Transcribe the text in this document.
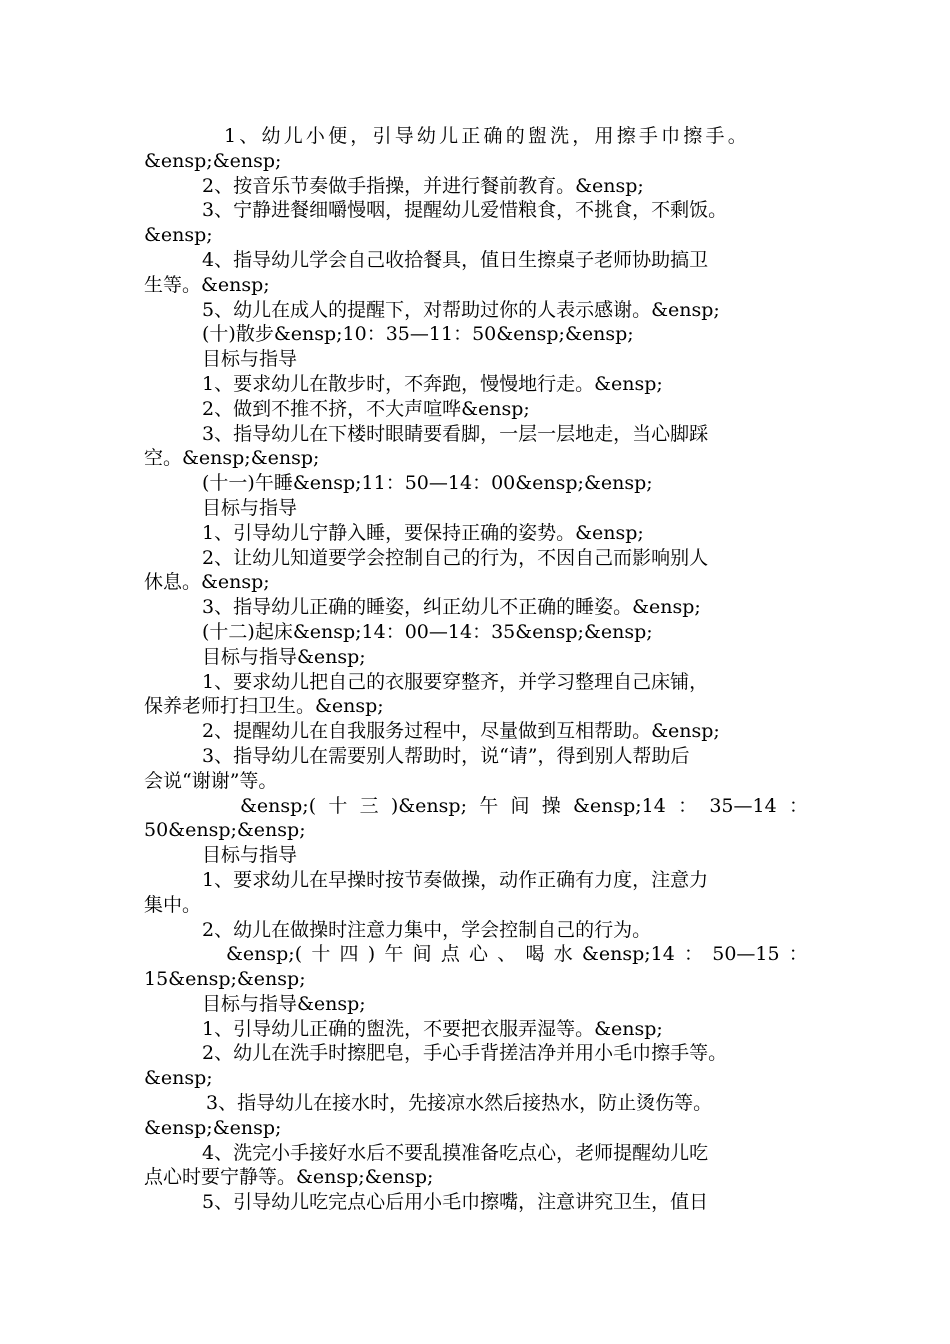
1、幼儿小便，引导幼儿正确的盥洗，用擦手巾擦手。
&ensp;&ensp;
2、按音乐节奏做手指操，并进行餐前教育。&ensp;
3、宁静进餐细嚼慢咽，提醒幼儿爱惜粮食，不挑食，不剩饭。
&ensp;
4、指导幼儿学会自己收拾餐具，值日生擦桌子老师协助搞卫
生等。&ensp;
5、幼儿在成人的提醒下，对帮助过你的人表示感谢。&ensp;
(十)散步&ensp;10：35—11：50&ensp;&ensp;
目标与指导
1、要求幼儿在散步时，不奔跑，慢慢地行走。&ensp;
2、做到不推不挤，不大声喧哗&ensp;
3、指导幼儿在下楼时眼睛要看脚，一层一层地走，当心脚踩
空。&ensp;&ensp;
(十一)午睡&ensp;11：50—14：00&ensp;&ensp;
目标与指导
1、引导幼儿宁静入睡，要保持正确的姿势。&ensp;
2、让幼儿知道要学会控制自己的行为，不因自己而影响别人
休息。&ensp;
3、指导幼儿正确的睡姿，纠正幼儿不正确的睡姿。&ensp;
(十二)起床&ensp;14：00—14：35&ensp;&ensp;
目标与指导&ensp;
1、要求幼儿把自己的衣服要穿整齐，并学习整理自己床铺，
保养老师打扫卫生。&ensp;
2、提醒幼儿在自我服务过程中，尽量做到互相帮助。&ensp;
3、指导幼儿在需要别人帮助时，说“请”，得到别人帮助后
会说“谢谢”等。
&ensp;( 十 三 )&ensp; 午 间 操 &ensp;14 ： 35—14 ：
50&ensp;&ensp;
目标与指导
1、要求幼儿在早操时按节奏做操，动作正确有力度，注意力
集中。
2、幼儿在做操时注意力集中，学会控制自己的行为。
&ensp;( 十 四 ) 午 间 点 心 、 喝 水 &ensp;14 ： 50—15 ：
15&ensp;&ensp;
目标与指导&ensp;
1、引导幼儿正确的盥洗，不要把衣服弄湿等。&ensp;
2、幼儿在洗手时擦肥皂，手心手背搓洁净并用小毛巾擦手等。
&ensp;
3、指导幼儿在接水时，先接凉水然后接热水，防止烫伤等。
&ensp;&ensp;
4、洗完小手接好水后不要乱摸准备吃点心，老师提醒幼儿吃
点心时要宁静等。&ensp;&ensp;
5、引导幼儿吃完点心后用小毛巾擦嘴，注意讲究卫生，值日
